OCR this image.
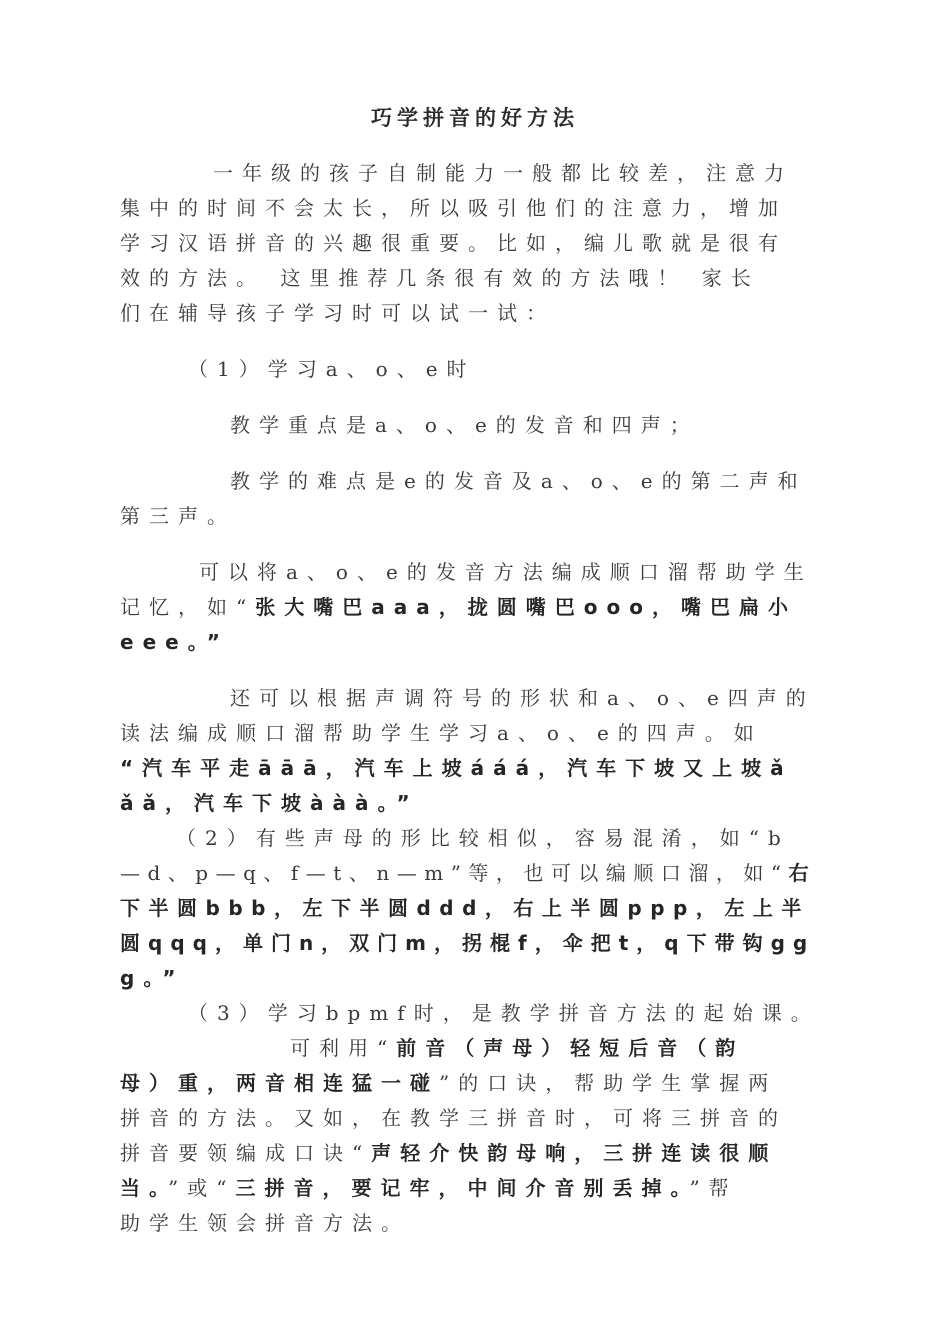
巧学拼音的好方法
一年级的孩子自制能力一般都比较差，注意力
集中的时间不会太长，所以吸引他们的注意力，增加
学习汉语拼音的兴趣很重要。比如，编儿歌就是很有
效的方法。 这里推荐几条很有效的方法哦！ 家长
们在辅导孩子学习时可以试一试：
（1）学习a、o、e时
教学重点是a、o、e的发音和四声；
教学的难点是e的发音及a、o、e的第二声和
第三声。
可以将a、o、e的发音方法编成顺口溜帮助学生
记忆，如“张大嘴巴aaa，拢圆嘴巴ooo，嘴巴扁小
eee。”
还可以根据声调符号的形状和a、o、e四声的
读法编成顺口溜帮助学生学习a、o、e的四声。如
“汽车平走āāā，汽车上坡ááá，汽车下坡又上坡ǎ
ǎǎ，汽车下坡ààà。”
（2）有些声母的形比较相似，容易混淆，如“b
—d、p—q、f—t、n—m”等，也可以编顺口溜，如“右
下半圆bbb，左下半圆ddd，右上半圆ppp，左上半
圆qqq，单门n，双门m，拐棍f，伞把t，q下带钩gg
g。”
（3）学习bpmf时，是教学拼音方法的起始课。
可利用“前音（声母）轻短后音（韵
母）重，两音相连猛一碰”的口诀，帮助学生掌握两
拼音的方法。又如，在教学三拼音时，可将三拼音的
拼音要领编成口诀“声轻介快韵母响，三拼连读很顺
当。”或“三拼音，要记牢，中间介音别丢掉。”帮
助学生领会拼音方法。
